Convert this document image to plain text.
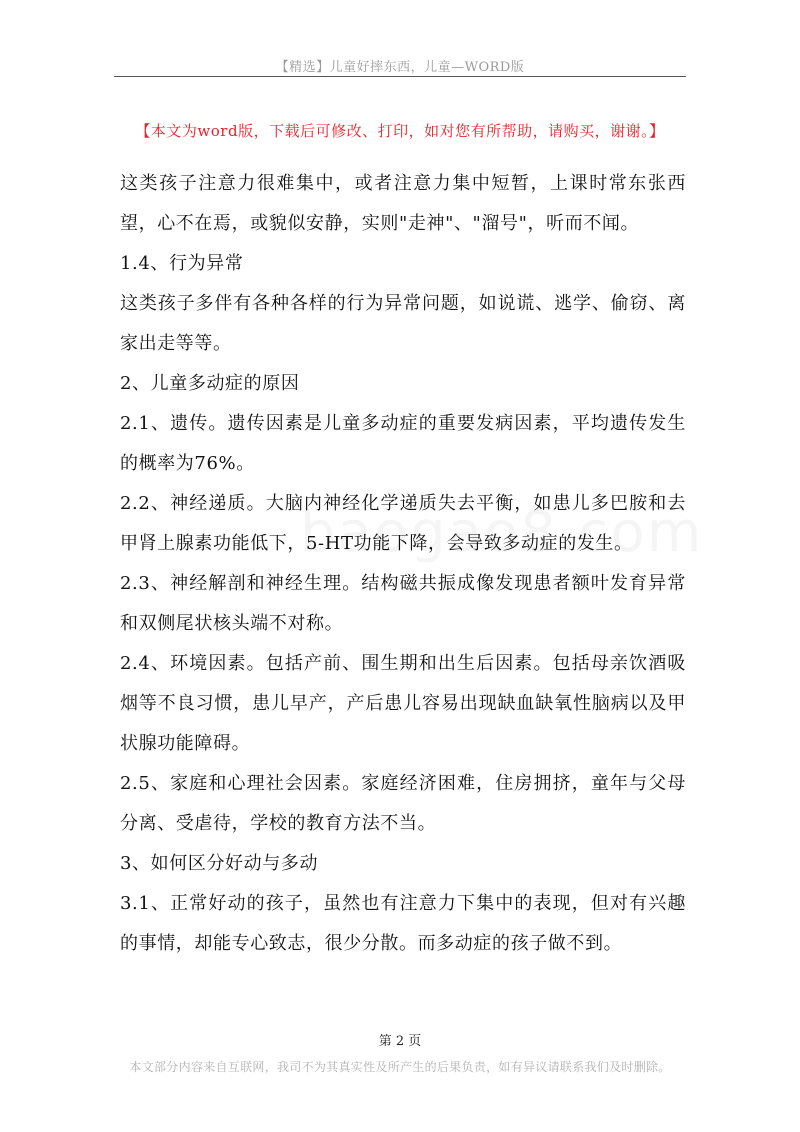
【精选】儿童好摔东西，儿童—WORD版
【本文为word版，下载后可修改、打印，如对您有所帮助，请购买，谢谢。】

这类孩子注意力很难集中，或者注意力集中短暂，上课时常东张西望，心不在焉，或貌似安静，实则"走神"、"溜号"，听而不闻。

1.4、行为异常

这类孩子多伴有各种各样的行为异常问题，如说谎、逃学、偷窃、离家出走等等。

2、儿童多动症的原因

2.1、遗传。遗传因素是儿童多动症的重要发病因素，平均遗传发生的概率为76%。

2.2、神经递质。大脑内神经化学递质失去平衡，如患儿多巴胺和去甲肾上腺素功能低下，5-HT功能下降，会导致多动症的发生。

2.3、神经解剖和神经生理。结构磁共振成像发现患者额叶发育异常和双侧尾状核头端不对称。

2.4、环境因素。包括产前、围生期和出生后因素。包括母亲饮酒吸烟等不良习惯，患儿早产，产后患儿容易出现缺血缺氧性脑病以及甲状腺功能障碍。

2.5、家庭和心理社会因素。家庭经济困难，住房拥挤，童年与父母分离、受虐待，学校的教育方法不当。

3、如何区分好动与多动

3.1、正常好动的孩子，虽然也有注意力下集中的表现，但对有兴趣的事情，却能专心致志，很少分散。而多动症的孩子做不到。

第 2 页
本文部分内容来自互联网，我司不为其真实性及所产生的后果负责，如有异议请联系我们及时删除。
